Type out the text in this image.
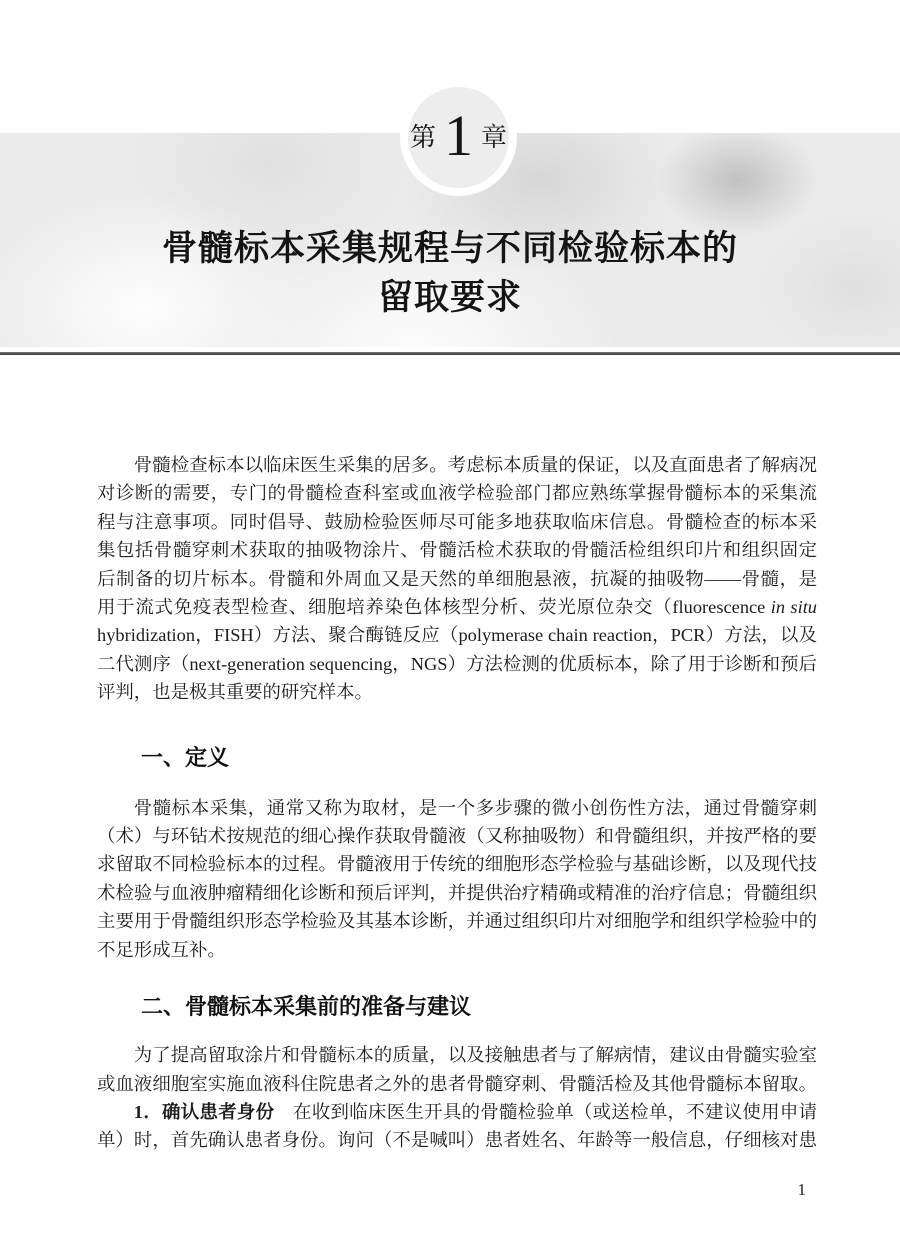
第 1 章
骨髓标本采集规程与不同检验标本的
留取要求
骨髓检查标本以临床医生采集的居多。考虑标本质量的保证，以及直面患者了解病况
对诊断的需要，专门的骨髓检查科室或血液学检验部门都应熟练掌握骨髓标本的采集流
程与注意事项。同时倡导、鼓励检验医师尽可能多地获取临床信息。骨髓检查的标本采
集包括骨髓穿刺术获取的抽吸物涂片、骨髓活检术获取的骨髓活检组织印片和组织固定
后制备的切片标本。骨髓和外周血又是天然的单细胞悬液，抗凝的抽吸物——骨髓，是
用于流式免疫表型检查、细胞培养染色体核型分析、荧光原位杂交（fluorescence in situ
hybridization，FISH）方法、聚合酶链反应（polymerase chain reaction，PCR）方法，以及
二代测序（next-generation sequencing，NGS）方法检测的优质标本，除了用于诊断和预后
评判，也是极其重要的研究样本。
一、定义
骨髓标本采集，通常又称为取材，是一个多步骤的微小创伤性方法，通过骨髓穿刺
（术）与环钻术按规范的细心操作获取骨髓液（又称抽吸物）和骨髓组织，并按严格的要
求留取不同检验标本的过程。骨髓液用于传统的细胞形态学检验与基础诊断，以及现代技
术检验与血液肿瘤精细化诊断和预后评判，并提供治疗精确或精准的治疗信息；骨髓组织
主要用于骨髓组织形态学检验及其基本诊断，并通过组织印片对细胞学和组织学检验中的
不足形成互补。
二、骨髓标本采集前的准备与建议
为了提高留取涂片和骨髓标本的质量，以及接触患者与了解病情，建议由骨髓实验室
或血液细胞室实施血液科住院患者之外的患者骨髓穿刺、骨髓活检及其他骨髓标本留取。
1．确认患者身份　在收到临床医生开具的骨髓检验单（或送检单，不建议使用申请
单）时，首先确认患者身份。询问（不是喊叫）患者姓名、年龄等一般信息，仔细核对患
1
